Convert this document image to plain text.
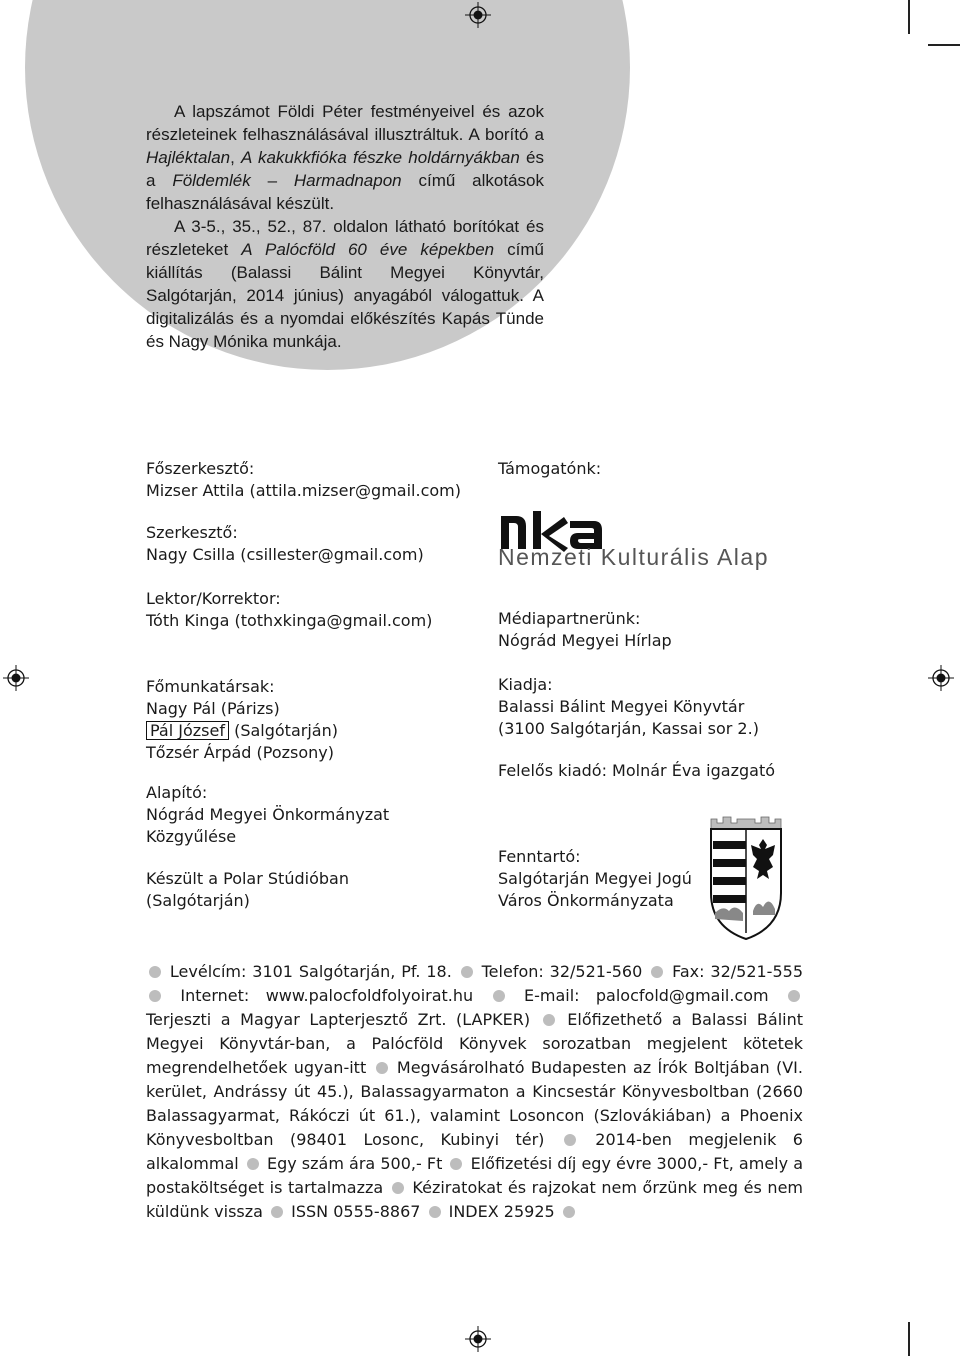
A lapszámot Földi Péter festményeivel és azok részleteinek felhasználásával illusztráltuk. A borító a Hajléktalan, A kakukkfióka fészke holdárnyákban és a Földemlék – Harmadnapon című alkotások felhasználásával készült.

A 3-5., 35., 52., 87. oldalon látható borítókat és részleteket A Palócföld 60 éve képekben című kiállítás (Balassi Bálint Megyei Könyvtár, Salgótarján, 2014 június) anyagából válogattuk. A digitalizálás és a nyomdai előkészítés Kapás Tünde és Nagy Mónika munkája.

Főszerkesztő:
Mizser Attila (attila.mizser@gmail.com)
Szerkesztő:
Nagy Csilla (csillester@gmail.com)
Lektor/Korrektor:
Tóth Kinga (tothxkinga@gmail.com)
Főmunkatársak:
Nagy Pál (Párizs)
Pál József (Salgótarján)
Tőzsér Árpád (Pozsony)
Alapító:
Nógrád Megyei Önkormányzat
Közgyűlése
Készült a Polar Stúdióban
(Salgótarján)
Támogatónk:
Nemzeti Kulturális Alap
Médiapartnerünk:
Nógrád Megyei Hírlap
Kiadja:
Balassi Bálint Megyei Könyvtár
(3100 Salgótarján, Kassai sor 2.)
Felelős kiadó: Molnár Éva igazgató
Fenntartó:
Salgótarján Megyei Jogú
Város Önkormányzata
Levélcím: 3101 Salgótarján, Pf. 18. Telefon: 32/521-560 Fax: 32/521-555  Internet: www.palocfoldfolyoirat.hu	E-mail: palocfold@gmail.com  Terjeszti a Magyar Lapterjesztő Zrt. (LAPKER) Előfizethető a Balassi Bálint Megyei Könyvtár-ban, a Palócföld Könyvek sorozatban megjelent kötetek megrendelhetőek ugyan-itt Megvásárolható Budapesten az Írók Boltjában (VI. kerület, Andrássy út 45.), Balassagyarmaton a Kincsestár Könyvesboltban (2660 Balassagyarmat, Rákóczi út 61.), valamint Losoncon (Szlovákiában) a Phoenix Könyvesboltban (98401 Losonc, Kubinyi tér)	2014-ben megjelenik 6 alkalommal Egy szám ára 500,- Ft Előfizetési díj egy évre 3000,- Ft, amely a postaköltséget is tartalmazza Kéziratokat és rajzokat nem őrzünk meg és nem küldünk vissza ISSN 0555-8867 INDEX 25925
